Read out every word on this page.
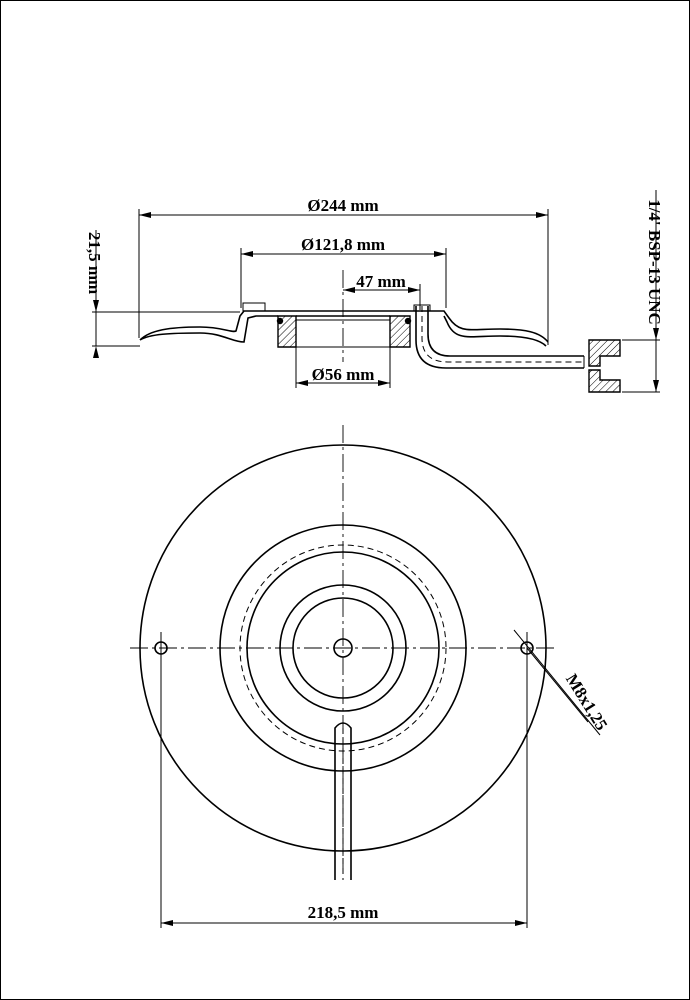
Ø244 mm
Ø121,8 mm
47 mm
21,5 mm	1/4' BSP-13 UNC
Ø56 mm
M8x1,25
218,5 mm
